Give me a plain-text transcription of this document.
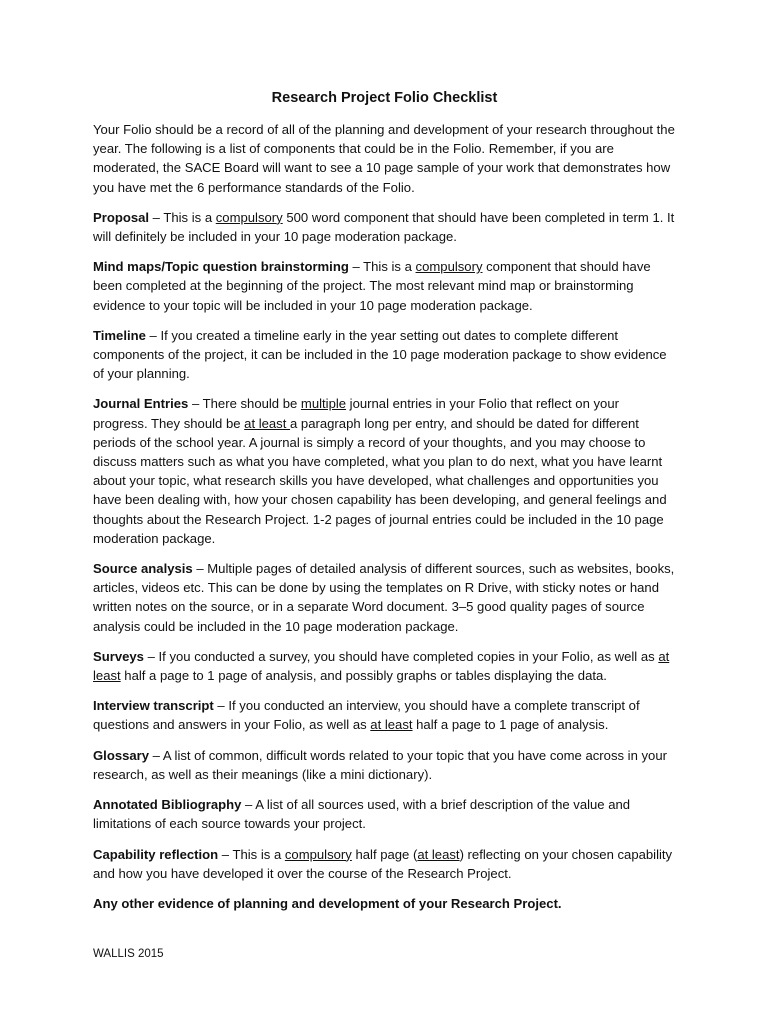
Research Project Folio Checklist

Your Folio should be a record of all of the planning and development of your research throughout the year. The following is a list of components that could be in the Folio. Remember, if you are moderated, the SACE Board will want to see a 10 page sample of your work that demonstrates how you have met the 6 performance standards of the Folio.

Proposal – This is a compulsory 500 word component that should have been completed in term 1. It will definitely be included in your 10 page moderation package.

Mind maps/Topic question brainstorming – This is a compulsory component that should have been completed at the beginning of the project. The most relevant mind map or brainstorming evidence to your topic will be included in your 10 page moderation package.

Timeline – If you created a timeline early in the year setting out dates to complete different components of the project, it can be included in the 10 page moderation package to show evidence of your planning.

Journal Entries – There should be multiple journal entries in your Folio that reflect on your progress. They should be at least a paragraph long per entry, and should be dated for different periods of the school year. A journal is simply a record of your thoughts, and you may choose to discuss matters such as what you have completed, what you plan to do next, what you have learnt about your topic, what research skills you have developed, what challenges and opportunities you have been dealing with, how your chosen capability has been developing, and general feelings and thoughts about the Research Project. 1-2 pages of journal entries could be included in the 10 page moderation package.

Source analysis – Multiple pages of detailed analysis of different sources, such as websites, books, articles, videos etc. This can be done by using the templates on R Drive, with sticky notes or hand written notes on the source, or in a separate Word document. 3–5 good quality pages of source analysis could be included in the 10 page moderation package.

Surveys – If you conducted a survey, you should have completed copies in your Folio, as well as at least half a page to 1 page of analysis, and possibly graphs or tables displaying the data.

Interview transcript – If you conducted an interview, you should have a complete transcript of questions and answers in your Folio, as well as at least half a page to 1 page of analysis.

Glossary – A list of common, difficult words related to your topic that you have come across in your research, as well as their meanings (like a mini dictionary).

Annotated Bibliography – A list of all sources used, with a brief description of the value and limitations of each source towards your project.

Capability reflection – This is a compulsory half page (at least) reflecting on your chosen capability and how you have developed it over the course of the Research Project.

Any other evidence of planning and development of your Research Project.

WALLIS 2015
